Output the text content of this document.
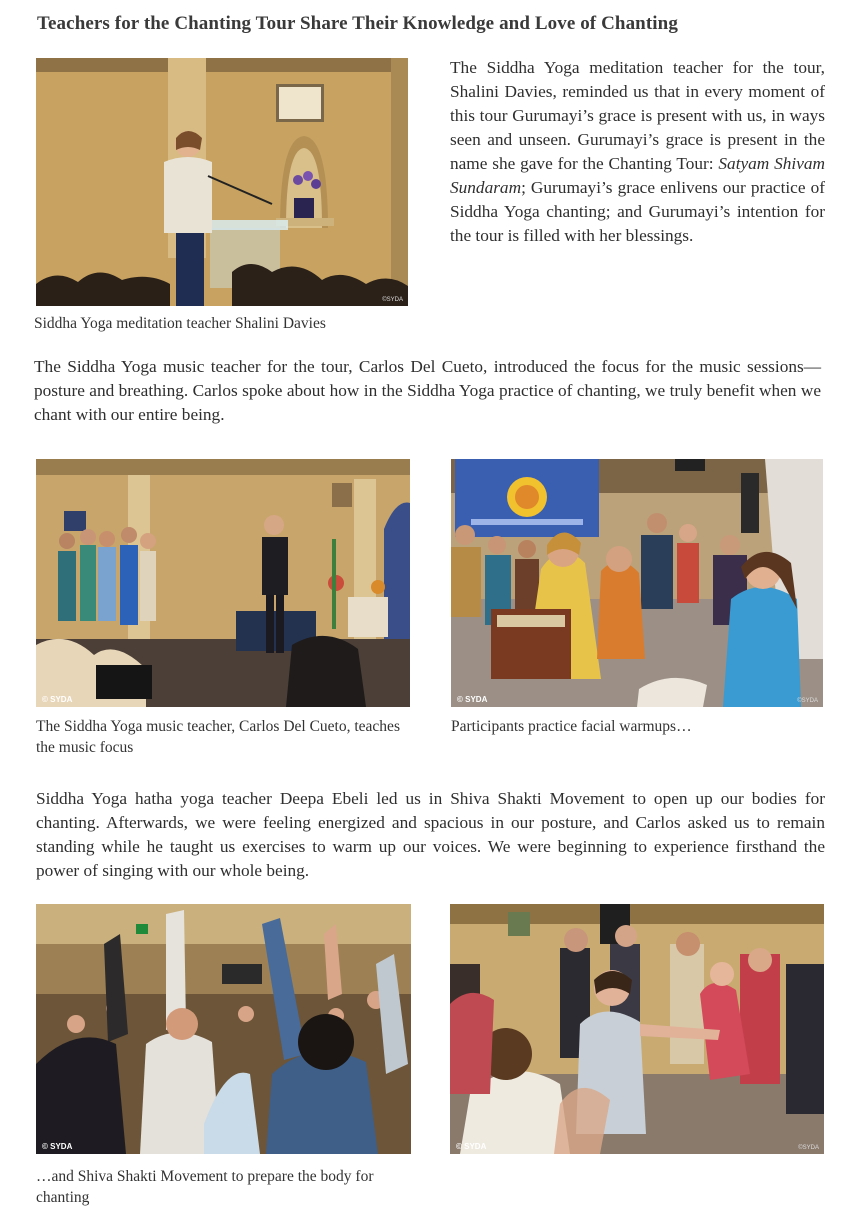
Teachers for the Chanting Tour Share Their Knowledge and Love of Chanting
©SYDA
Siddha Yoga meditation teacher Shalini Davies
The Siddha Yoga meditation teacher for the tour, Shalini Davies, reminded us that in every moment of this tour Gurumayi’s grace is present with us, in ways seen and unseen. Gurumayi’s grace is present in the name she gave for the Chanting Tour: Satyam Shivam Sundaram; Gurumayi’s grace enlivens our practice of Siddha Yoga chanting; and Gurumayi’s intention for the tour is filled with her blessings.
The Siddha Yoga music teacher for the tour, Carlos Del Cueto, introduced the focus for the music sessions—posture and breathing. Carlos spoke about how in the Siddha Yoga practice of chanting, we truly benefit when we chant with our entire being.
© SYDA
The Siddha Yoga music teacher, Carlos Del Cueto, teaches the music focus
© SYDA	©SYDA
Participants practice facial warmups…
Siddha Yoga hatha yoga teacher Deepa Ebeli led us in Shiva Shakti Movement to open up our bodies for chanting. Afterwards, we were feeling energized and spacious in our posture, and Carlos asked us to remain standing while he taught us exercises to warm up our voices. We were beginning to experience firsthand the power of singing with our whole being.
© SYDA
…and Shiva Shakti Movement to prepare the body for chanting
© SYDA	©SYDA
